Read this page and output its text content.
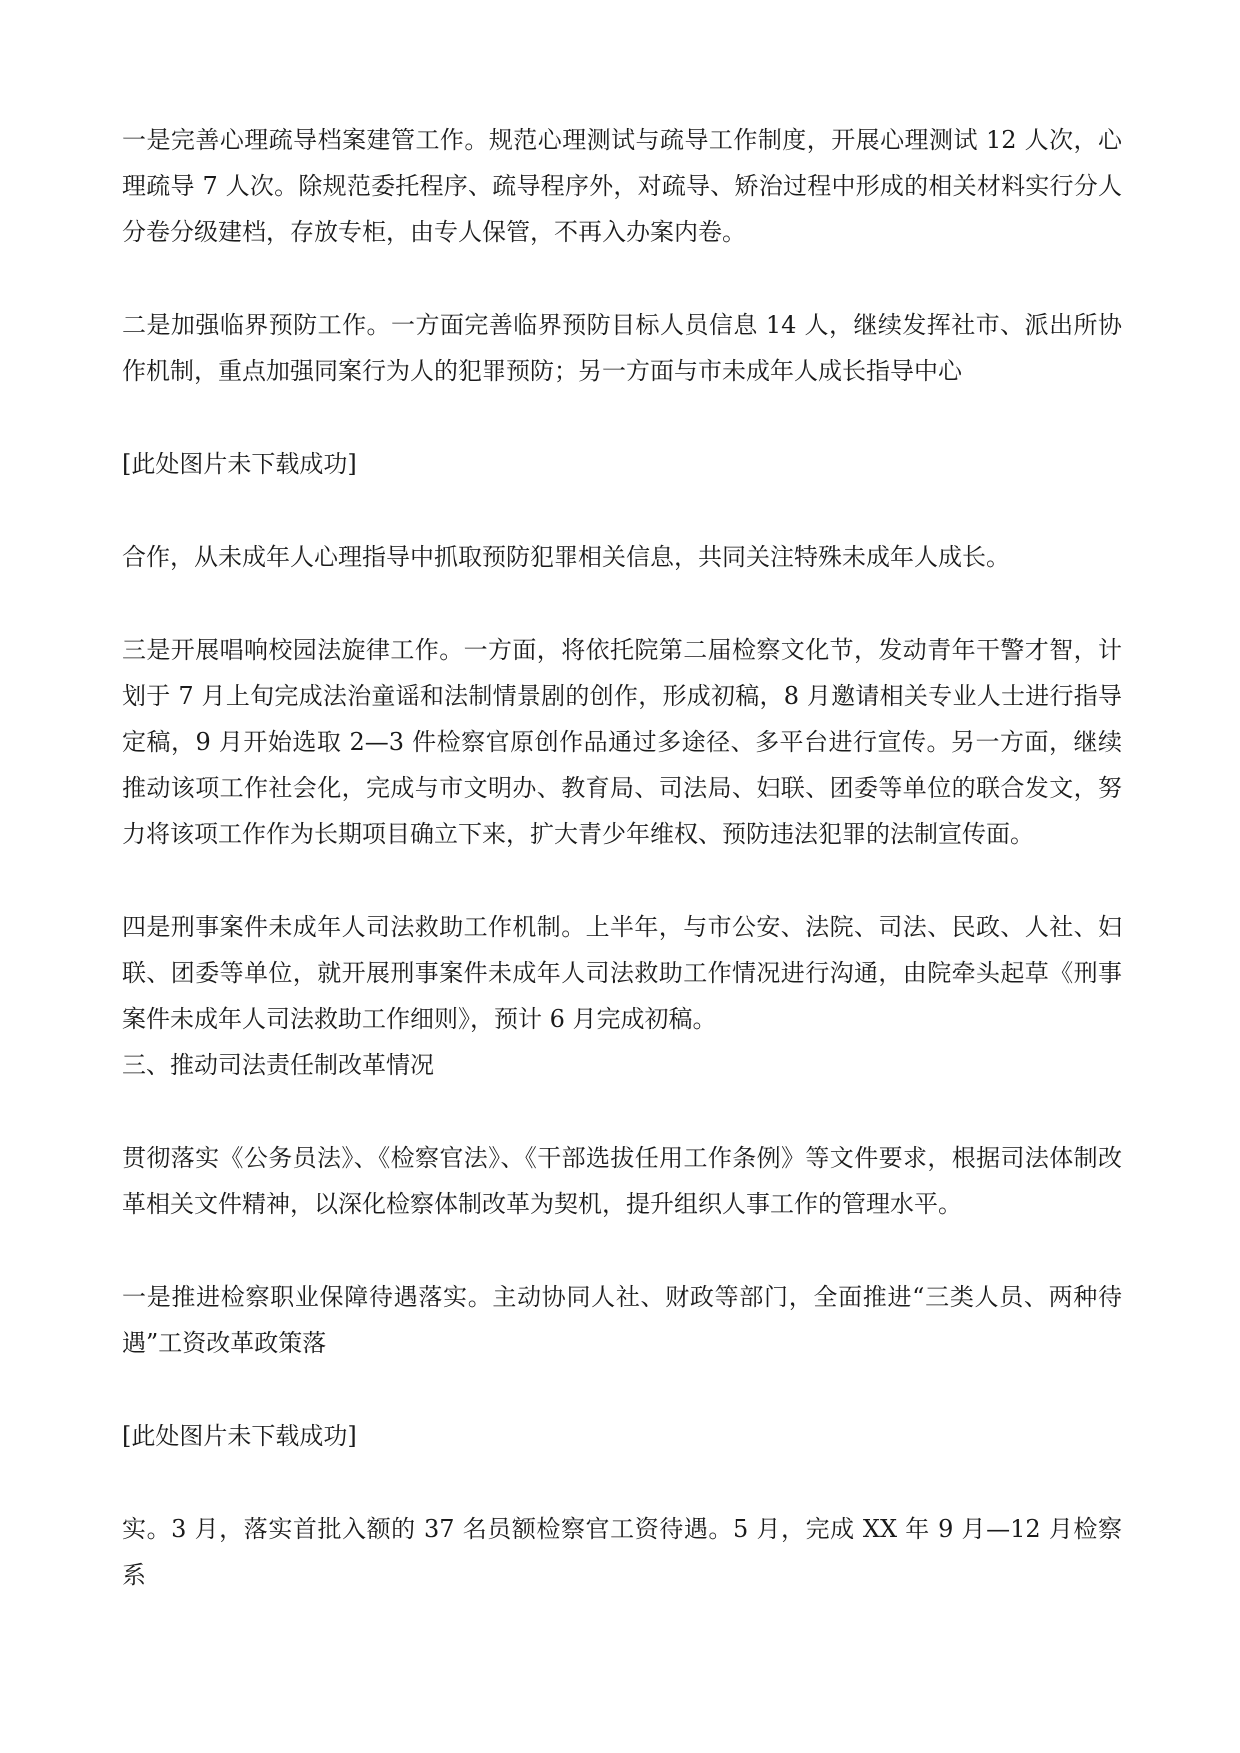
一是完善心理疏导档案建管工作。规范心理测试与疏导工作制度，开展心理测试 12 人次，心理疏导 7 人次。除规范委托程序、疏导程序外，对疏导、矫治过程中形成的相关材料实行分人分卷分级建档，存放专柜，由专人保管，不再入办案内卷。

二是加强临界预防工作。一方面完善临界预防目标人员信息 14 人，继续发挥社市、派出所协作机制，重点加强同案行为人的犯罪预防；另一方面与市未成年人成长指导中心

[此处图片未下载成功]

合作，从未成年人心理指导中抓取预防犯罪相关信息，共同关注特殊未成年人成长。

三是开展唱响校园法旋律工作。一方面，将依托院第二届检察文化节，发动青年干警才智，计划于 7 月上旬完成法治童谣和法制情景剧的创作，形成初稿，8 月邀请相关专业人士进行指导定稿，9 月开始选取 2—3 件检察官原创作品通过多途径、多平台进行宣传。另一方面，继续推动该项工作社会化，完成与市文明办、教育局、司法局、妇联、团委等单位的联合发文，努力将该项工作作为长期项目确立下来，扩大青少年维权、预防违法犯罪的法制宣传面。

四是刑事案件未成年人司法救助工作机制。上半年，与市公安、法院、司法、民政、人社、妇联、团委等单位，就开展刑事案件未成年人司法救助工作情况进行沟通，由院牵头起草《刑事案件未成年人司法救助工作细则》，预计 6 月完成初稿。

三、推动司法责任制改革情况

贯彻落实《公务员法》、《检察官法》、《干部选拔任用工作条例》等文件要求，根据司法体制改革相关文件精神，以深化检察体制改革为契机，提升组织人事工作的管理水平。

一是推进检察职业保障待遇落实。主动协同人社、财政等部门，全面推进“三类人员、两种待遇”工资改革政策落

[此处图片未下载成功]

实。3 月，落实首批入额的 37 名员额检察官工资待遇。5 月，完成 XX 年 9 月—12 月检察系
